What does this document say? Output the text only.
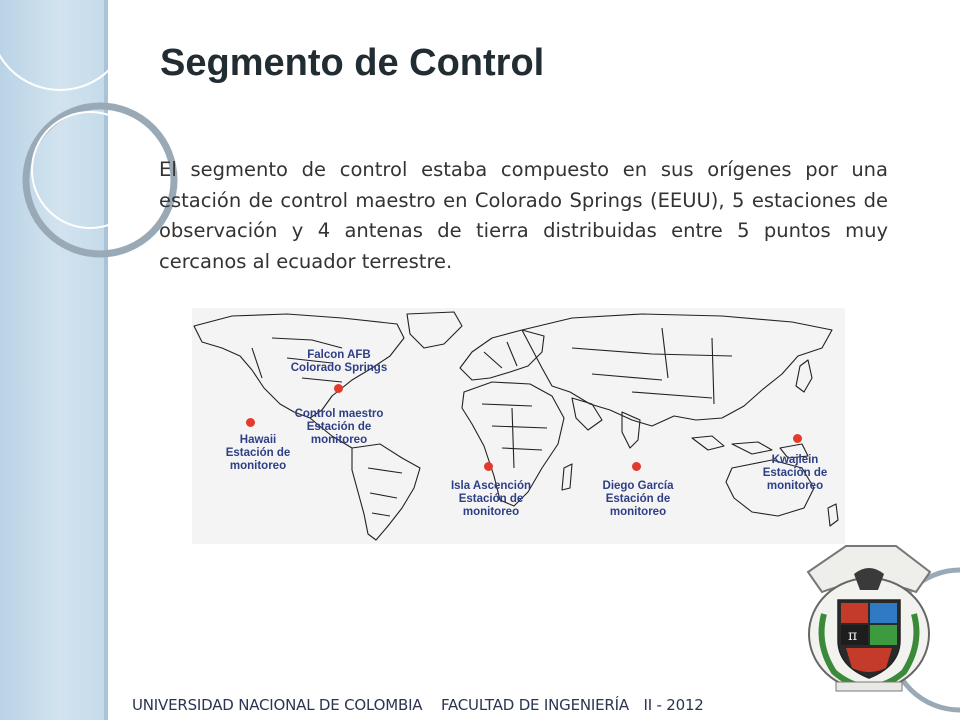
Segmento de Control

El segmento de control estaba compuesto en sus orígenes por una estación de control maestro en Colorado Springs (EEUU), 5 estaciones de observación y 4 antenas de tierra distribuidas entre 5 puntos muy cercanos al ecuador terrestre.

Falcon AFB
Colorado Springs
Control maestro
Estación de
monitoreo
Hawaii
Estación de
monitoreo
Isla Ascención
Estación de
monitoreo
Diego García
Estación de
monitoreo
Kwajlein
Estación de
monitoreo
π

UNIVERSIDAD NACIONAL DE COLOMBIA FACULTAD DE INGENIERÍA II - 2012
